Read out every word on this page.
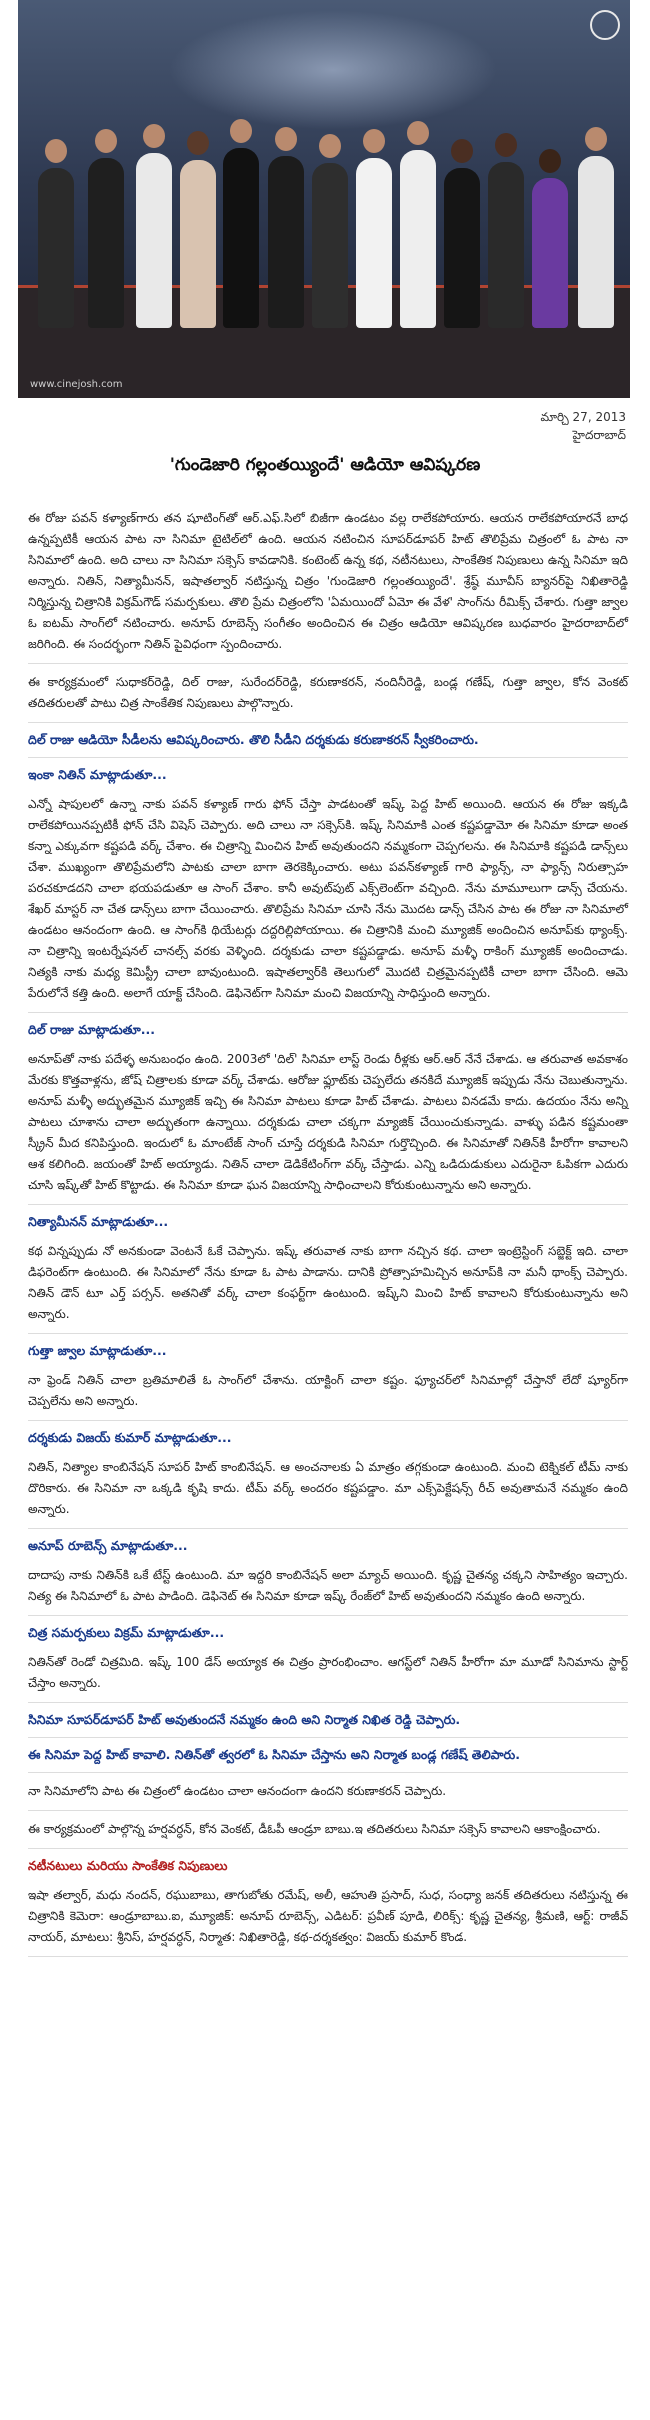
www.cinejosh.com
మార్చి 27, 2013
హైదరాబాద్
'గుండెజారి గల్లంతయ్యిందే' ఆడియో ఆవిష్కరణ

ఈ రోజు పవన్ కళ్యాణ్‌గారు తన షూటింగ్‌తో ఆర్.ఎఫ్.సిలో బిజీగా ఉండటం వల్ల రాలేకపోయారు. ఆయన రాలేకపోయారనే బాధ ఉన్నప్పటికీ ఆయన పాట నా సినిమా టైటిల్‌లో ఉంది. ఆయన నటించిన సూపర్‌డూపర్ హిట్ తొలిప్రేమ చిత్రంలో ఓ పాట నా సినిమాలో ఉంది. అది చాలు నా సినిమా సక్సెస్ కావడానికి. కంటెంట్ ఉన్న కథ, నటీనటులు, సాంకేతిక నిపుణులు ఉన్న సినిమా ఇది అన్నారు. నితిన్, నిత్యామీనన్, ఇషాతల్వార్ నటిస్తున్న చిత్రం 'గుండెజారి గల్లంతయ్యిందే'. శ్రేష్ఠ్ మూవీస్ బ్యానర్‌పై నిఖితారెడ్డి నిర్మిస్తున్న చిత్రానికి విక్రమ్‌గౌడ్ సమర్పకులు. తొలి ప్రేమ చిత్రంలోని 'ఏమయిందో ఏమో ఈ వేళ' సాంగ్‌ను రీమిక్స్ చేశారు. గుత్తా జ్వాల ఓ ఐటమ్ సాంగ్‌లో నటించారు. అనూప్ రూబెన్స్ సంగీతం అందించిన ఈ చిత్రం ఆడియో ఆవిష్కరణ బుధవారం హైదరాబాద్‌లో జరిగింది. ఈ సందర్భంగా నితిన్ పైవిధంగా స్పందించారు.

ఈ కార్యక్రమంలో సుధాకర్‌రెడ్డి, దిల్ రాజు, సురేందర్‌రెడ్డి, కరుణాకరన్, నందినీరెడ్డి, బండ్ల గణేష్, గుత్తా జ్వాల, కోన వెంకట్ తదితరులతో పాటు చిత్ర సాంకేతిక నిపుణులు పాల్గొన్నారు.

దిల్ రాజు ఆడియో సీడీలను ఆవిష్కరించారు. తొలి సీడీని దర్శకుడు కరుణాకరన్ స్వీకరించారు.

ఇంకా నితిన్ మాట్లాడుతూ...

ఎన్నో షాపులలో ఉన్నా నాకు పవన్ కళ్యాణ్ గారు ఫోన్ చేస్తా పాడటంతో ఇష్క్ పెద్ద హిట్ అయింది. ఆయన ఈ రోజు ఇక్కడి రాలేకపోయినప్పటికీ ఫోన్ చేసి విషెస్ చెప్పారు. అది చాలు నా సక్సెస్‌కి. ఇష్క్ సినిమాకి ఎంత కష్టపడ్డామో ఈ సినిమా కూడా అంత కన్నా ఎక్కువగా కష్టపడి వర్క్ చేశాం. ఈ చిత్రాన్ని మించిన హిట్ అవుతుందని నమ్మకంగా చెప్పగలను. ఈ సినిమాకి కష్టపడి డాన్స్‌లు చేశా. ముఖ్యంగా తొలిప్రేమలోని పాటకు చాలా బాగా తెరకెక్కించారు. అటు పవన్‌కళ్యాణ్ గారి ఫ్యాన్స్, నా ఫ్యాన్స్ నిరుత్సాహ పరచకూడదని చాలా భయపడుతూ ఆ సాంగ్ చేశాం. కానీ అవుట్‌పుట్ ఎక్స్‌లెంట్‌గా వచ్చింది. నేను మామూలుగా డాన్స్ చేయను. శేఖర్ మాస్టర్ నా చేత డాన్స్‌లు బాగా చేయించారు. తొలిప్రేమ సినిమా చూసి నేను మొదట డాన్స్ చేసిన పాట ఈ రోజు నా సినిమాలో ఉండటం ఆనందంగా ఉంది. ఆ సాంగ్‌కి థియేటర్లు దద్దరిల్లిపోయాయి. ఈ చిత్రానికి మంచి మ్యూజిక్ అందించిన అనూప్‌కు థ్యాంక్స్. నా చిత్రాన్ని ఇంటర్నేషనల్ చానల్స్ వరకు వెళ్ళింది. దర్శకుడు చాలా కష్టపడ్డాడు. అనూప్ మళ్ళీ రాకింగ్ మ్యూజిక్ అందించాడు. నిత్యకి నాకు మధ్య కెమిస్ట్రీ చాలా బావుంటుంది. ఇషాతల్వార్‌కి తెలుగులో మొదటి చిత్రమైనప్పటికీ చాలా బాగా చేసింది. ఆమె పేరులోనే కత్తి ఉంది. అలాగే యాక్ట్ చేసింది. డెఫినెట్‌గా సినిమా మంచి విజయాన్ని సాధిస్తుంది అన్నారు.

దిల్ రాజు మాట్లాడుతూ...

అనూప్‌తో నాకు పదేళ్ళ అనుబంధం ఉంది. 2003లో 'దిల్' సినిమా లాస్ట్ రెండు రీళ్లకు ఆర్.ఆర్ నేనే చేశాడు. ఆ తరువాత అవకాశం మేరకు కొత్తవాళ్లను, జోష్ చిత్రాలకు కూడా వర్క్ చేశాడు. ఆరోజు ఫ్లూట్‌కు చెప్పలేదు తనకిదే మ్యూజిక్ ఇప్పుడు నేను చెబుతున్నాను. అనూప్ మళ్ళీ అద్భుతమైన మ్యూజిక్ ఇచ్చి ఈ సినిమా పాటలు కూడా హిట్ చేశాడు. పాటలు వినడమే కాదు. ఉదయం నేను అన్ని పాటలు చూశాను చాలా అద్భుతంగా ఉన్నాయి. దర్శకుడు చాలా చక్కగా మ్యాజిక్ చేయించుకున్నాడు. వాళ్ళు పడిన కష్టమంతా స్క్రీన్ మీద కనిపిస్తుంది. ఇందులో ఓ మాంటేజ్ సాంగ్ చూస్తే దర్శకుడి సినిమా గుర్తొచ్చింది. ఈ సినిమాతో నితిన్‌కి హీరోగా కావాలని ఆశ కలిగింది. జయంతో హిట్ అయ్యాడు. నితిన్ చాలా డెడికేటింగ్‌గా వర్క్ చేస్తాడు. ఎన్ని ఒడిదుడుకులు ఎదురైనా ఓపికగా ఎదురు చూసి ఇష్క్‌తో హిట్ కొట్టాడు. ఈ సినిమా కూడా ఘన విజయాన్ని సాధించాలని కోరుకుంటున్నాను అని అన్నారు.

నిత్యామీనన్ మాట్లాడుతూ...

కథ విన్నప్పుడు నో అనకుండా వెంటనే ఓకే చెప్పాను. ఇష్క్ తరువాత నాకు బాగా నచ్చిన కథ. చాలా ఇంట్రెస్టింగ్ సబ్జెక్ట్ ఇది. చాలా డిఫరెంట్‌గా ఉంటుంది. ఈ సినిమాలో నేను కూడా ఓ పాట పాడాను. దానికి ప్రోత్సాహమిచ్చిన అనూప్‌కి నా మనీ థాంక్స్ చెప్పారు. నితిన్ డౌన్ టూ ఎర్త్ పర్సన్. అతనితో వర్క్ చాలా కంఫర్ట్‌గా ఉంటుంది. ఇష్క్‌ని మించి హిట్ కావాలని కోరుకుంటున్నాను అని అన్నారు.

గుత్తా జ్వాల మాట్లాడుతూ...

నా ఫ్రెండ్ నితిన్ చాలా బ్రతిమాలితే ఓ సాంగ్‌లో చేశాను. యాక్టింగ్ చాలా కష్టం. ఫ్యూచర్‌లో సినిమాల్లో చేస్తానో లేదో ష్యూర్‌గా చెప్పలేను అని అన్నారు.

దర్శకుడు విజయ్ కుమార్ మాట్లాడుతూ...

నితిన్, నిత్యాల కాంబినేషన్ సూపర్ హిట్ కాంబినేషన్. ఆ అంచనాలకు ఏ మాత్రం తగ్గకుండా ఉంటుంది. మంచి టెక్నికల్ టీమ్ నాకు దొరికారు. ఈ సినిమా నా ఒక్కడి కృషి కాదు. టీమ్ వర్క్ అందరం కష్టపడ్డాం. మా ఎక్స్‌పెక్టేషన్స్ రీచ్ అవుతామనే నమ్మకం ఉంది అన్నారు.

అనూప్ రూబెన్స్ మాట్లాడుతూ...

దాదాపు నాకు నితిన్‌కి ఒకే టేస్ట్ ఉంటుంది. మా ఇద్దరి కాంబినేషన్ అలా మ్యాచ్ అయింది. కృష్ణ చైతన్య చక్కని సాహిత్యం ఇచ్చారు. నిత్య ఈ సినిమాలో ఓ పాట పాడింది. డెఫినెట్ ఈ సినిమా కూడా ఇష్క్ రేంజ్‌లో హిట్ అవుతుందని నమ్మకం ఉంది అన్నారు.

చిత్ర సమర్పకులు విక్రమ్ మాట్లాడుతూ...

నితిన్‌తో రెండో చిత్రమిది. ఇష్క్ 100 డేస్ అయ్యాక ఈ చిత్రం ప్రారంభించాం. ఆగస్ట్‌లో నితిన్ హీరోగా మా మూడో సినిమాను స్టార్ట్ చేస్తాం అన్నారు.

సినిమా సూపర్‌డూపర్ హిట్ అవుతుందనే నమ్మకం ఉంది అని నిర్మాత నిఖిత రెడ్డి చెప్పారు.

ఈ సినిమా పెద్ద హిట్ కావాలి. నితిన్‌తో త్వరలో ఓ సినిమా చేస్తాను అని నిర్మాత బండ్ల గణేష్ తెలిపారు.

నా సినిమాలోని పాట ఈ చిత్రంలో ఉండటం చాలా ఆనందంగా ఉందని కరుణాకరన్ చెప్పారు.

ఈ కార్యక్రమంలో పాల్గొన్న హర్షవర్ధన్, కోన వెంకట్, డీఓపీ ఆండ్రూ బాబు.ఇ తదితరులు సినిమా సక్సెస్ కావాలని ఆకాంక్షించారు.

నటీనటులు మరియు సాంకేతిక నిపుణులు

ఇషా తల్వార్, మధు నందన్, రఘుబాబు, తాగుబోతు రమేష్, అలీ, ఆహుతి ప్రసాద్, సుధ, సంధ్యా జనక్ తదితరులు నటిస్తున్న ఈ చిత్రానికి కెమెరా: ఆండ్రూబాబు.ఐ, మ్యూజిక్: అనూప్ రూబెన్స్, ఎడిటర్: ప్రవీణ్ పూడి, లిరిక్స్: కృష్ణ చైతన్య, శ్రీమణి, ఆర్ట్: రాజీవ్ నాయర్, మాటలు: శ్రీనిస్, హర్షవర్ధన్, నిర్మాత: నిఖితారెడ్డి, కథ-దర్శకత్వం: విజయ్ కుమార్ కొండ.
